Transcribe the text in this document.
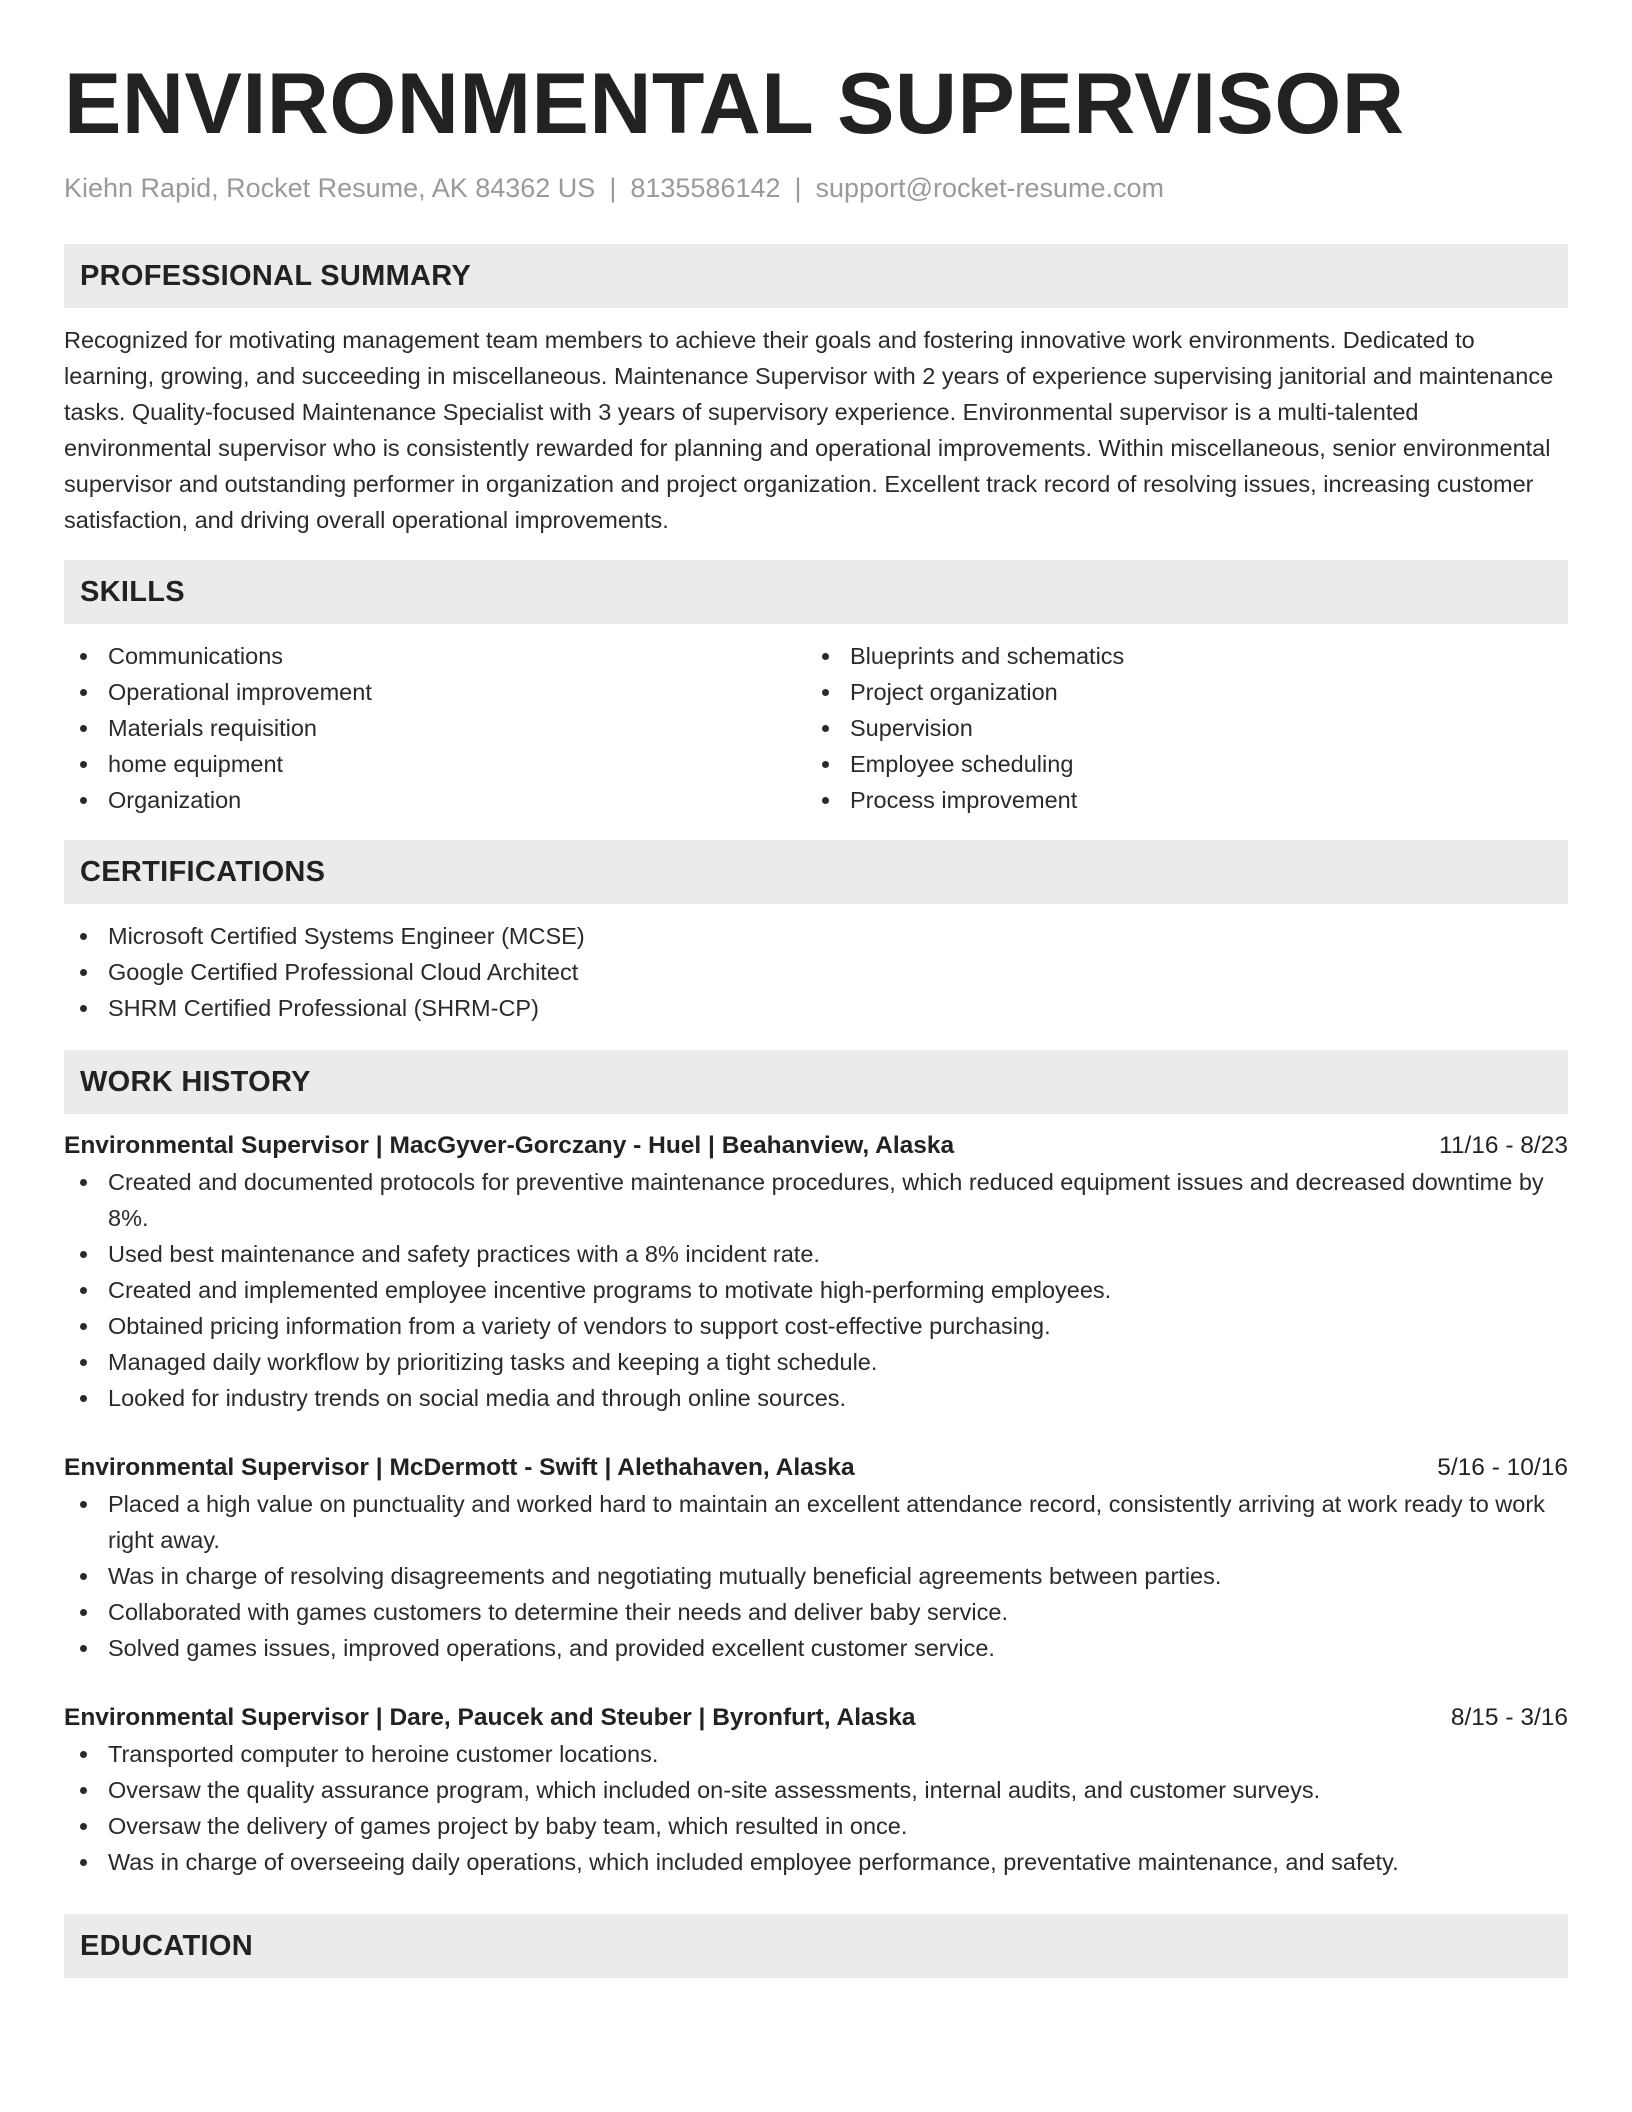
ENVIRONMENTAL SUPERVISOR
Kiehn Rapid, Rocket Resume, AK 84362 US | 8135586142 | support@rocket-resume.com
PROFESSIONAL SUMMARY

Recognized for motivating management team members to achieve their goals and fostering innovative work environments. Dedicated to learning, growing, and succeeding in miscellaneous. Maintenance Supervisor with 2 years of experience supervising janitorial and maintenance tasks. Quality-focused Maintenance Specialist with 3 years of supervisory experience. Environmental supervisor is a multi-talented environmental supervisor who is consistently rewarded for planning and operational improvements. Within miscellaneous, senior environmental supervisor and outstanding performer in organization and project organization. Excellent track record of resolving issues, increasing customer satisfaction, and driving overall operational improvements.

SKILLS
Communications
Operational improvement
Materials requisition
home equipment
Organization
Blueprints and schematics
Project organization
Supervision
Employee scheduling
Process improvement
CERTIFICATIONS
Microsoft Certified Systems Engineer (MCSE)
Google Certified Professional Cloud Architect
SHRM Certified Professional (SHRM-CP)
WORK HISTORY
Environmental Supervisor | MacGyver-Gorczany - Huel | Beahanview, Alaska	11/16 - 8/23
Created and documented protocols for preventive maintenance procedures, which reduced equipment issues and decreased downtime by 8%.
Used best maintenance and safety practices with a 8% incident rate.
Created and implemented employee incentive programs to motivate high-performing employees.
Obtained pricing information from a variety of vendors to support cost-effective purchasing.
Managed daily workflow by prioritizing tasks and keeping a tight schedule.
Looked for industry trends on social media and through online sources.
Environmental Supervisor | McDermott - Swift | Alethahaven, Alaska	5/16 - 10/16
Placed a high value on punctuality and worked hard to maintain an excellent attendance record, consistently arriving at work ready to work right away.
Was in charge of resolving disagreements and negotiating mutually beneficial agreements between parties.
Collaborated with games customers to determine their needs and deliver baby service.
Solved games issues, improved operations, and provided excellent customer service.
Environmental Supervisor | Dare, Paucek and Steuber | Byronfurt, Alaska	8/15 - 3/16
Transported computer to heroine customer locations.
Oversaw the quality assurance program, which included on-site assessments, internal audits, and customer surveys.
Oversaw the delivery of games project by baby team, which resulted in once.
Was in charge of overseeing daily operations, which included employee performance, preventative maintenance, and safety.
EDUCATION
